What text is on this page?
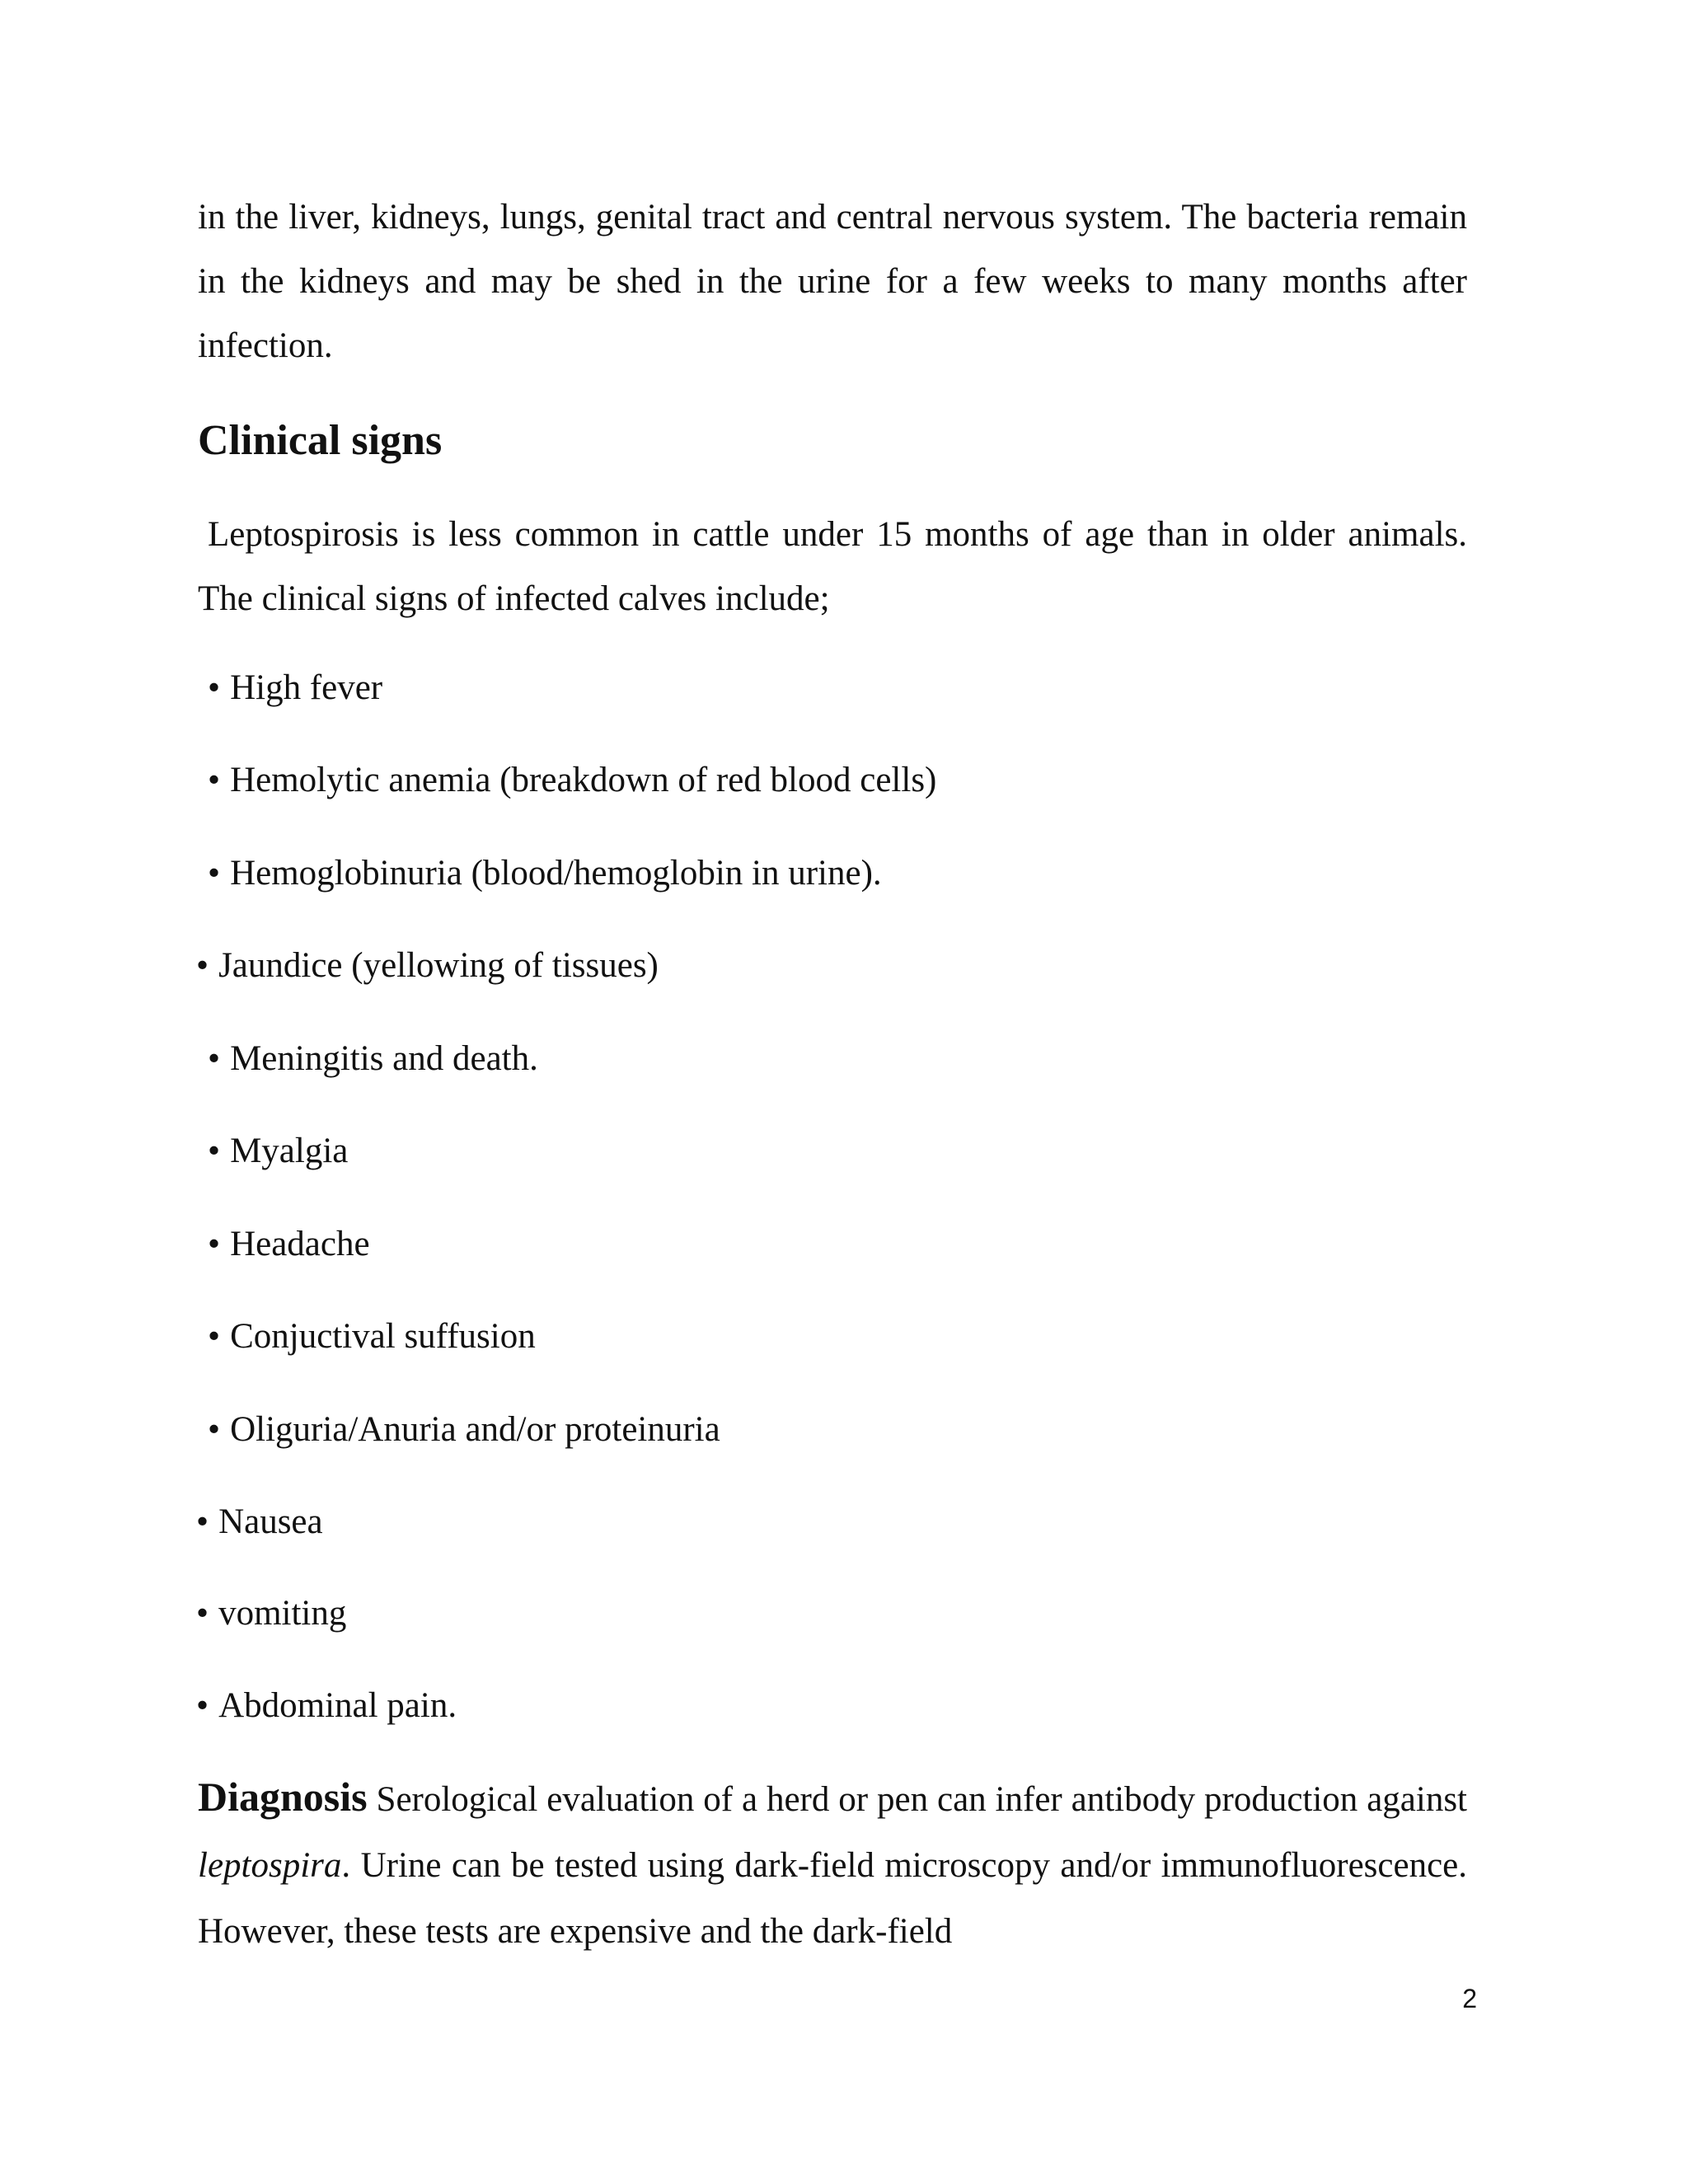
in the liver, kidneys, lungs, genital tract and central nervous system. The bacteria remain in the kidneys and may be shed in the urine for a few weeks to many months after infection.

Clinical signs

Leptospirosis is less common in cattle under 15 months of age than in older animals. The clinical signs of infected calves include;

• High fever
• Hemolytic anemia (breakdown of red blood cells)
• Hemoglobinuria (blood/hemoglobin in urine).
• Jaundice (yellowing of tissues)
• Meningitis and death.
• Myalgia
• Headache
• Conjuctival suffusion
• Oliguria/Anuria and/or proteinuria
• Nausea
• vomiting
• Abdominal pain.

Diagnosis Serological evaluation of a herd or pen can infer antibody production against leptospira. Urine can be tested using dark-field microscopy and/or immunofluorescence. However, these tests are expensive and the dark-field

2
